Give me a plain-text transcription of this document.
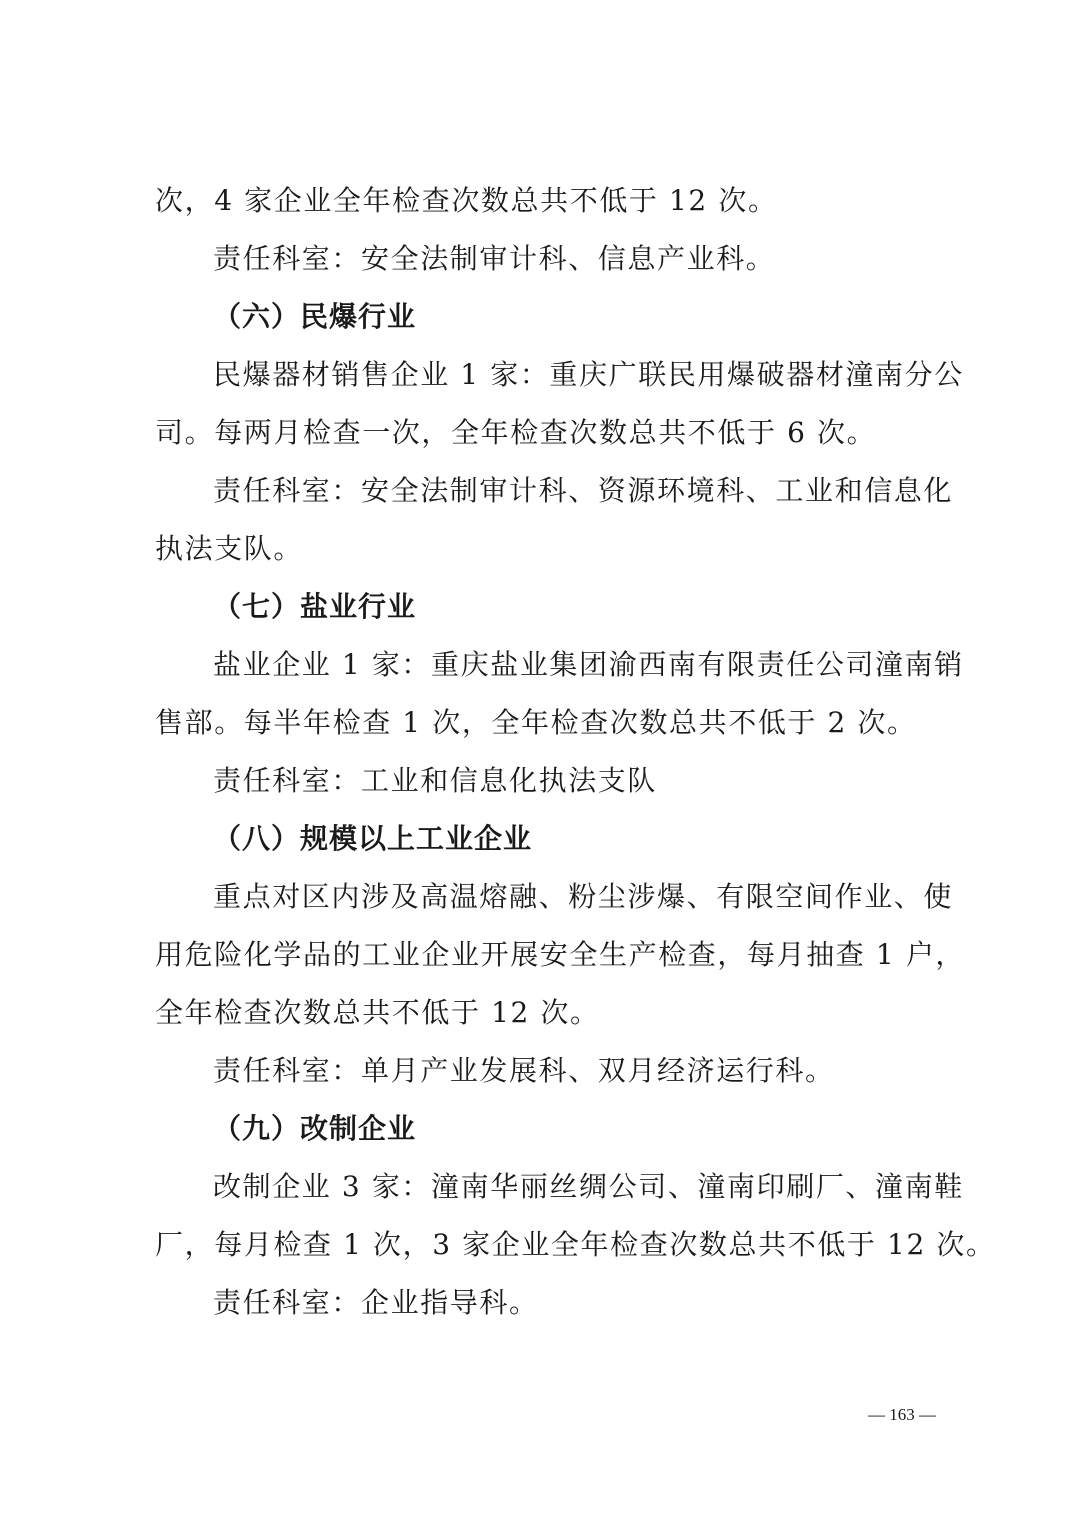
次，4 家企业全年检查次数总共不低于 12 次。
责任科室：安全法制审计科、信息产业科。
（六）民爆行业
民爆器材销售企业 1 家：重庆广联民用爆破器材潼南分公
司。每两月检查一次，全年检查次数总共不低于 6 次。
责任科室：安全法制审计科、资源环境科、工业和信息化
执法支队。
（七）盐业行业
盐业企业 1 家：重庆盐业集团渝西南有限责任公司潼南销
售部。每半年检查 1 次，全年检查次数总共不低于 2 次。
责任科室：工业和信息化执法支队
（八）规模以上工业企业
重点对区内涉及高温熔融、粉尘涉爆、有限空间作业、使
用危险化学品的工业企业开展安全生产检查，每月抽查 1 户，
全年检查次数总共不低于 12 次。
责任科室：单月产业发展科、双月经济运行科。
（九）改制企业
改制企业 3 家：潼南华丽丝绸公司、潼南印刷厂、潼南鞋
厂，每月检查 1 次，3 家企业全年检查次数总共不低于 12 次。
责任科室：企业指导科。
— 163 —
